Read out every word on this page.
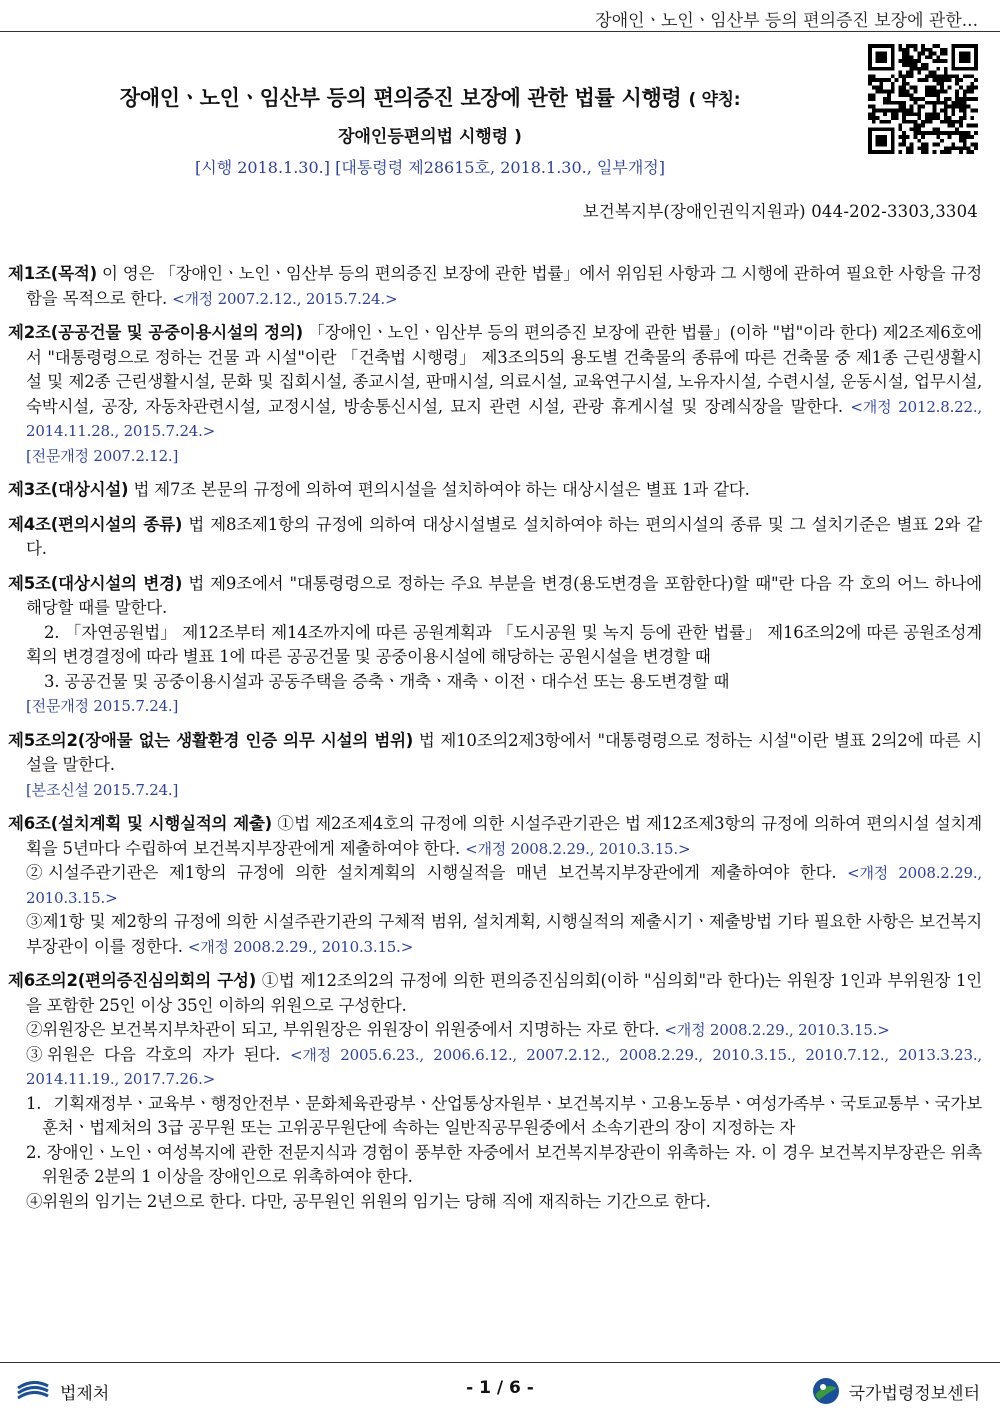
장애인ㆍ노인ㆍ임산부 등의 편의증진 보장에 관한...
장애인ㆍ노인ㆍ임산부 등의 편의증진 보장에 관한 법률 시행령 ( 약칭:
장애인등편의법 시행령 )
[시행 2018.1.30.] [대통령령 제28615호, 2018.1.30., 일부개정]
보건복지부(장애인권익지원과) 044-202-3303,3304
제1조(목적) 이 영은 「장애인ㆍ노인ㆍ임산부 등의 편의증진 보장에 관한 법률」에서 위임된 사항과 그 시행에 관하여 필요한 사항을 규정함을 목적으로 한다. <개정 2007.2.12., 2015.7.24.>
제2조(공공건물 및 공중이용시설의 정의) 「장애인ㆍ노인ㆍ임산부 등의 편의증진 보장에 관한 법률」(이하 "법"이라 한다) 제2조제6호에서 "대통령령으로 정하는 건물 과 시설"이란 「건축법 시행령」 제3조의5의 용도별 건축물의 종류에 따른 건축물 중 제1종 근린생활시설 및 제2종 근린생활시설, 문화 및 집회시설, 종교시설, 판매시설, 의료시설, 교육연구시설, 노유자시설, 수련시설, 운동시설, 업무시설, 숙박시설, 공장, 자동차관련시설, 교정시설, 방송통신시설, 묘지 관련 시설, 관광 휴게시설 및 장례식장을 말한다. <개정 2012.8.22., 2014.11.28., 2015.7.24.>
[전문개정 2007.2.12.]
제3조(대상시설) 법 제7조 본문의 규정에 의하여 편의시설을 설치하여야 하는 대상시설은 별표 1과 같다.
제4조(편의시설의 종류) 법 제8조제1항의 규정에 의하여 대상시설별로 설치하여야 하는 편의시설의 종류 및 그 설치기준은 별표 2와 같다.
제5조(대상시설의 변경) 법 제9조에서 "대통령령으로 정하는 주요 부분을 변경(용도변경을 포함한다)할 때"란 다음 각 호의 어느 하나에 해당할 때를 말한다.
2. 「자연공원법」 제12조부터 제14조까지에 따른 공원계획과 「도시공원 및 녹지 등에 관한 법률」 제16조의2에 따른 공원조성계획의 변경결정에 따라 별표 1에 따른 공공건물 및 공중이용시설에 해당하는 공원시설을 변경할 때
3. 공공건물 및 공중이용시설과 공동주택을 증축ㆍ개축ㆍ재축ㆍ이전ㆍ대수선 또는 용도변경할 때
[전문개정 2015.7.24.]
제5조의2(장애물 없는 생활환경 인증 의무 시설의 범위) 법 제10조의2제3항에서 "대통령령으로 정하는 시설"이란 별표 2의2에 따른 시설을 말한다.
[본조신설 2015.7.24.]
제6조(설치계획 및 시행실적의 제출) ①법 제2조제4호의 규정에 의한 시설주관기관은 법 제12조제3항의 규정에 의하여 편의시설 설치계획을 5년마다 수립하여 보건복지부장관에게 제출하여야 한다. <개정 2008.2.29., 2010.3.15.>
②시설주관기관은 제1항의 규정에 의한 설치계획의 시행실적을 매년 보건복지부장관에게 제출하여야 한다. <개정 2008.2.29., 2010.3.15.>
③제1항 및 제2항의 규정에 의한 시설주관기관의 구체적 범위, 설치계획, 시행실적의 제출시기ㆍ제출방법 기타 필요한 사항은 보건복지부장관이 이를 정한다. <개정 2008.2.29., 2010.3.15.>
제6조의2(편의증진심의회의 구성) ①법 제12조의2의 규정에 의한 편의증진심의회(이하 "심의회"라 한다)는 위원장 1인과 부위원장 1인을 포함한 25인 이상 35인 이하의 위원으로 구성한다.
②위원장은 보건복지부차관이 되고, 부위원장은 위원장이 위원중에서 지명하는 자로 한다. <개정 2008.2.29., 2010.3.15.>
③위원은 다음 각호의 자가 된다. <개정 2005.6.23., 2006.6.12., 2007.2.12., 2008.2.29., 2010.3.15., 2010.7.12., 2013.3.23., 2014.11.19., 2017.7.26.>
1. 기획재정부ㆍ교육부ㆍ행정안전부ㆍ문화체육관광부ㆍ산업통상자원부ㆍ보건복지부ㆍ고용노동부ㆍ여성가족부ㆍ국토교통부ㆍ국가보훈처ㆍ법제처의 3급 공무원 또는 고위공무원단에 속하는 일반직공무원중에서 소속기관의 장이 지정하는 자
2. 장애인ㆍ노인ㆍ여성복지에 관한 전문지식과 경험이 풍부한 자중에서 보건복지부장관이 위촉하는 자. 이 경우 보건복지부장관은 위촉위원중 2분의 1 이상을 장애인으로 위촉하여야 한다.
④위원의 임기는 2년으로 한다. 다만, 공무원인 위원의 임기는 당해 직에 재직하는 기간으로 한다.
법제처	- 1 / 6 -	국가법령정보센터
